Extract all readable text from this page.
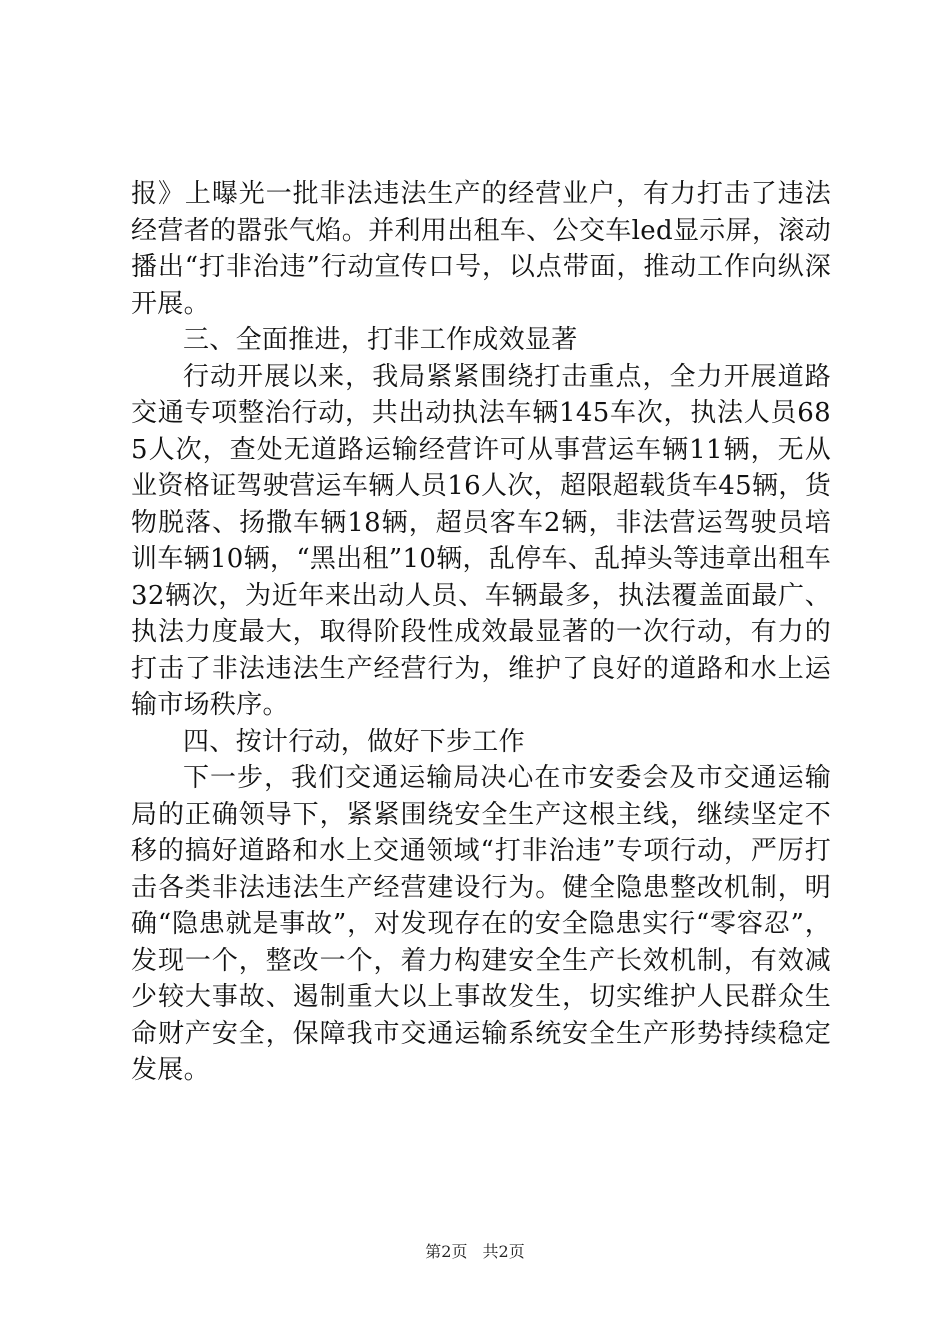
报》上曝光一批非法违法生产的经营业户，有力打击了违法经营者的嚣张气焰。并利用出租车、公交车led显示屏，滚动播出“打非治违”行动宣传口号，以点带面，推动工作向纵深开展。

三、全面推进，打非工作成效显著

行动开展以来，我局紧紧围绕打击重点，全力开展道路交通专项整治行动，共出动执法车辆145车次，执法人员685人次，查处无道路运输经营许可从事营运车辆11辆，无从业资格证驾驶营运车辆人员16人次，超限超载货车45辆，货物脱落、扬撒车辆18辆，超员客车2辆，非法营运驾驶员培训车辆10辆，“黑出租”10辆，乱停车、乱掉头等违章出租车32辆次，为近年来出动人员、车辆最多，执法覆盖面最广、执法力度最大，取得阶段性成效最显著的一次行动，有力的打击了非法违法生产经营行为，维护了良好的道路和水上运输市场秩序。

四、按计行动，做好下步工作

下一步，我们交通运输局决心在市安委会及市交通运输局的正确领导下，紧紧围绕安全生产这根主线，继续坚定不移的搞好道路和水上交通领域“打非治违”专项行动，严厉打击各类非法违法生产经营建设行为。健全隐患整改机制，明确“隐患就是事故”，对发现存在的安全隐患实行“零容忍”，发现一个，整改一个，着力构建安全生产长效机制，有效减少较大事故、遏制重大以上事故发生，切实维护人民群众生命财产安全，保障我市交通运输系统安全生产形势持续稳定发展。

第2页 共2页
